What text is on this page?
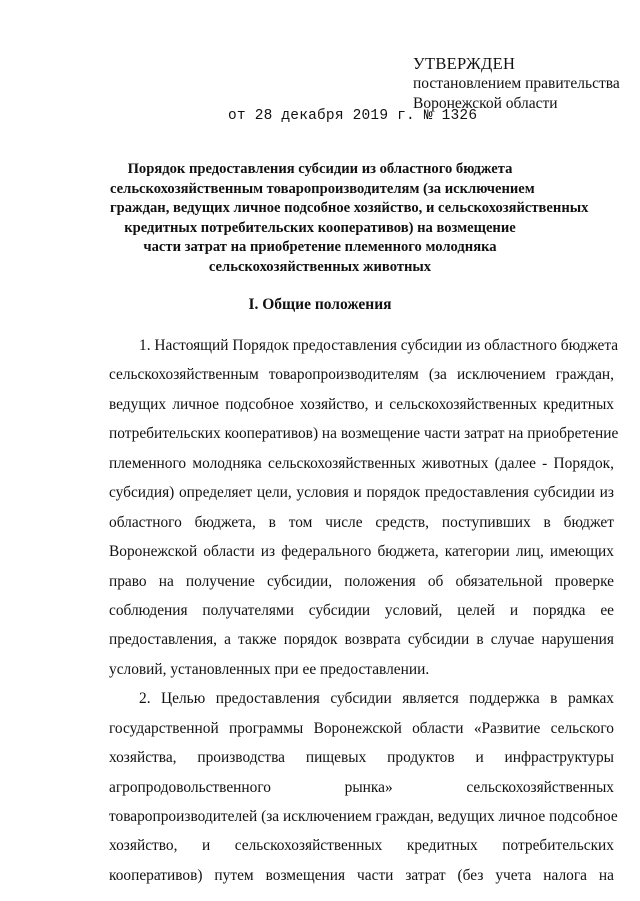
УТВЕРЖДЕН
постановлением правительства
Воронежской области
от 28 декабря 2019 г. № 1326
Порядок предоставления субсидии из областного бюджета
сельскохозяйственным товаропроизводителям (за исключением
граждан, ведущих личное подсобное хозяйство, и сельскохозяйственных
кредитных потребительских кооперативов) на возмещение
части затрат на приобретение племенного молодняка
сельскохозяйственных животных
I. Общие положения
1. Настоящий Порядок предоставления субсидии из областного бюджета
сельскохозяйственным товаропроизводителям (за исключением граждан,
ведущих личное подсобное хозяйство, и сельскохозяйственных кредитных
потребительских кооперативов) на возмещение части затрат на приобретение
племенного молодняка сельскохозяйственных животных (далее - Порядок,
субсидия) определяет цели, условия и порядок предоставления субсидии из
областного бюджета, в том числе средств, поступивших в бюджет
Воронежской области из федерального бюджета, категории лиц, имеющих
право на получение субсидии, положения об обязательной проверке
соблюдения получателями субсидии условий, целей и порядка ее
предоставления, а также порядок возврата субсидии в случае нарушения
условий, установленных при ее предоставлении.
2. Целью предоставления субсидии является поддержка в рамках
государственной программы Воронежской области «Развитие сельского
хозяйства, производства пищевых продуктов и инфраструктуры
агропродовольственного рынка» сельскохозяйственных
товаропроизводителей (за исключением граждан, ведущих личное подсобное
хозяйство, и сельскохозяйственных кредитных потребительских
кооперативов) путем возмещения части затрат (без учета налога на
